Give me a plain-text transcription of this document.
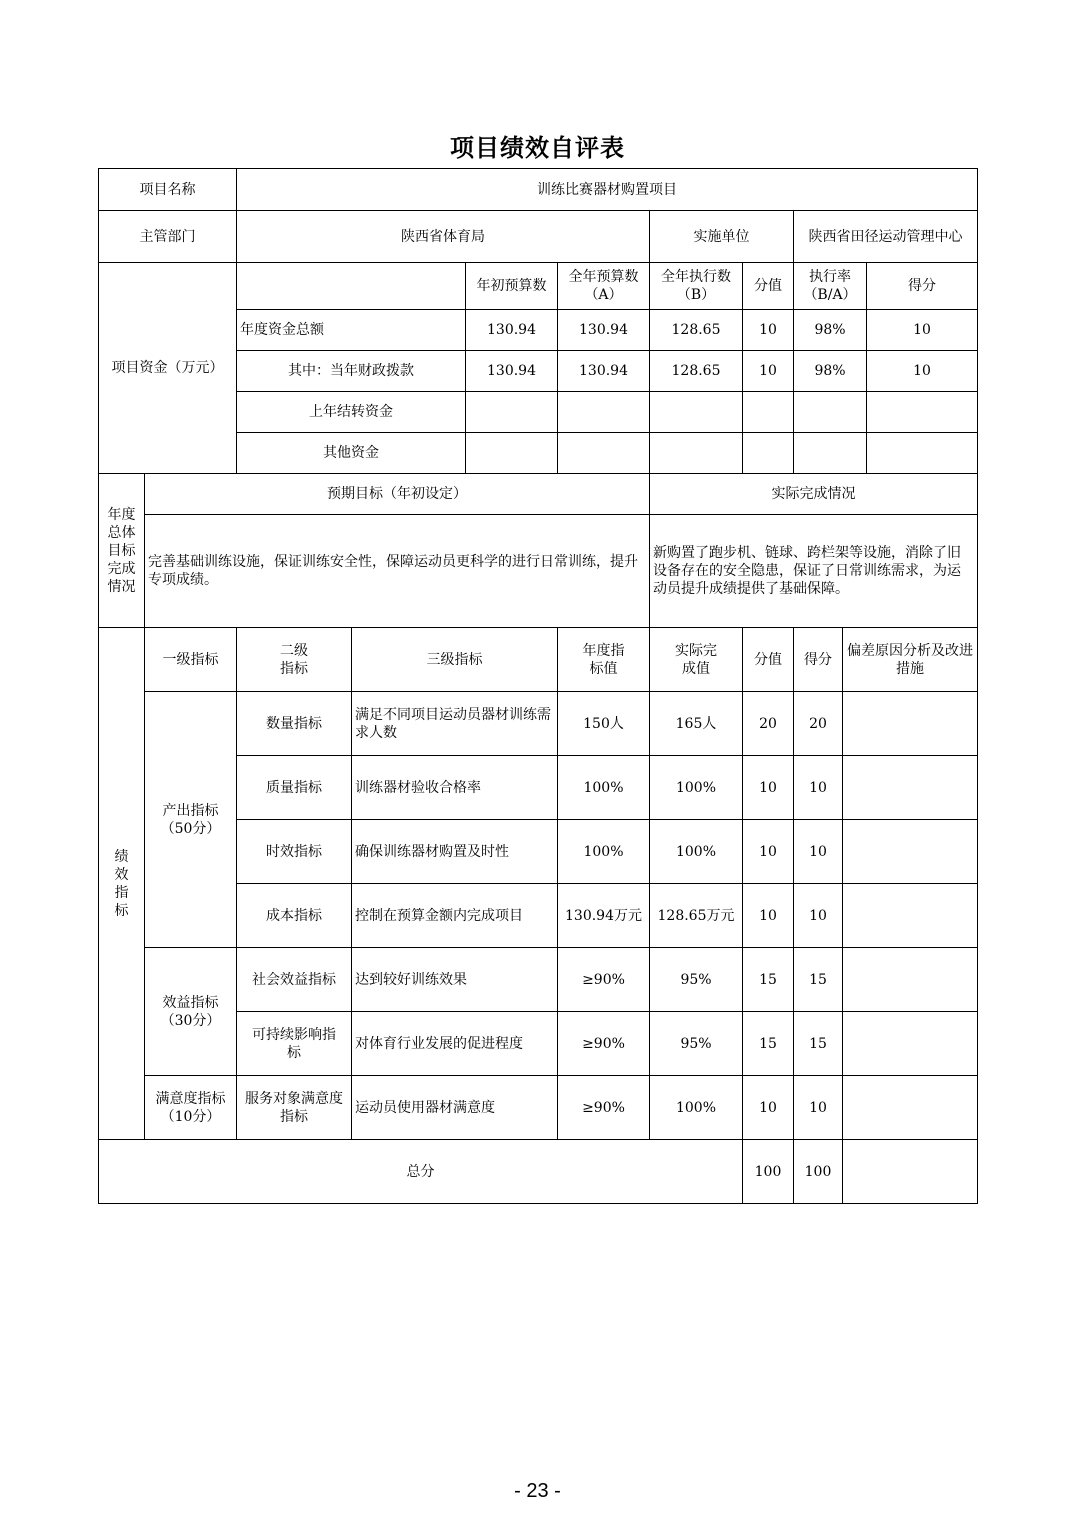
项目绩效自评表
项目名称		训练比赛器材购置项目								
主管部门		陕西省体育局				实施单位		陕西省田径运动管理中心		
项目资金（万元）				年初预算数	全年预算数（A）	全年执行数（B）	分值	执行率（B/A）		得分
		年度资金总额		130.94	130.94	128.65	10	98%		10
		其中：当年财政拨款		130.94	130.94	128.65	10	98%		10
		上年结转资金								
		其他资金								

年度总体目标完成情况	预期目标（年初设定）					实际完成情况				
	完善基础训练设施，保证训练安全性，保障运动员更科学的进行日常训练，提升专项成绩。					新购置了跑步机、链球、跨栏架等设施，消除了旧设备存在的安全隐患，保证了日常训练需求，为运动员提升成绩提供了基础保障。				

绩效指标	一级指标	二级指标	三级指标		年度指标值	实际完成值	分值	得分	偏差原因分析及改进措施	

	产出指标（50分）	数量指标	满足不同项目运动员器材训练需求人数		150人	165人	20	20		
		质量指标	训练器材验收合格率		100%	100%	10	10		
		时效指标	确保训练器材购置及时性		100%	100%	10	10		
		成本指标	控制在预算金额内完成项目		130.94万元	128.65万元	10	10		

	效益指标（30分）	社会效益指标	达到较好训练效果		≥90%	95%	15	15		

		可持续影响指标	对体育行业发展的促进程度		≥90%	95%	15	15		

	满意度指标（10分）	服务对象满意度指标	运动员使用器材满意度		≥90%	100%	10	10		
总分							100	100		
- 23 -
